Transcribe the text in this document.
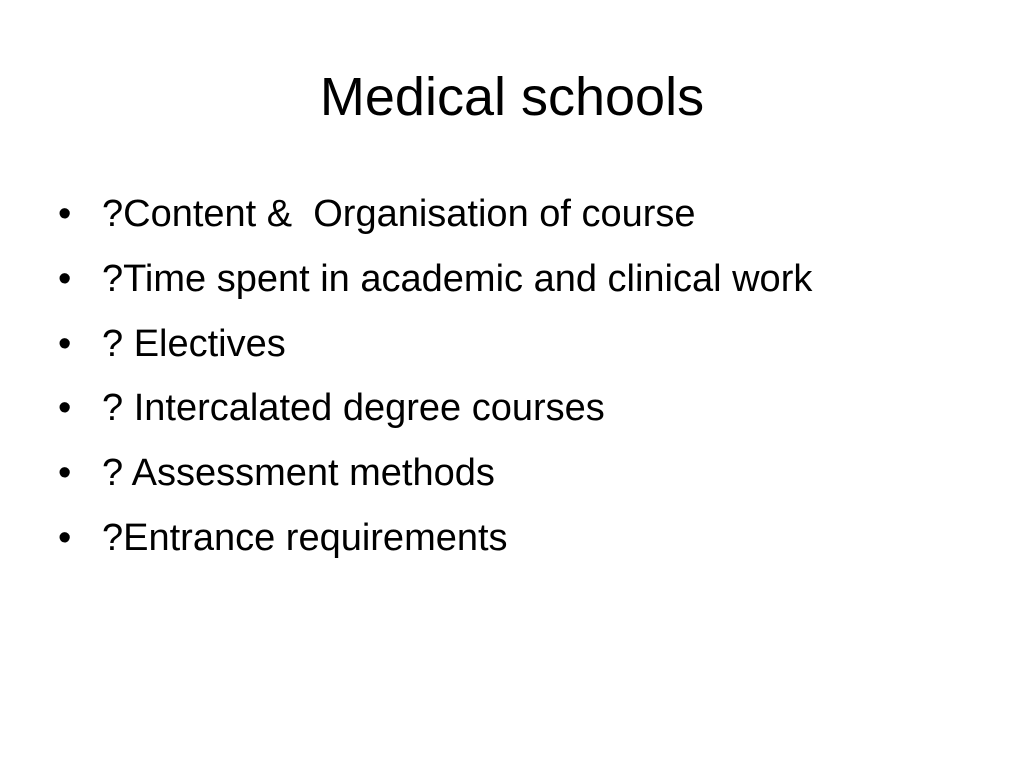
Medical schools

•

?Content &  Organisation of course

•

?Time spent in academic and clinical work

•

? Electives

•

? Intercalated degree courses

•

? Assessment methods

•

?Entrance requirements
